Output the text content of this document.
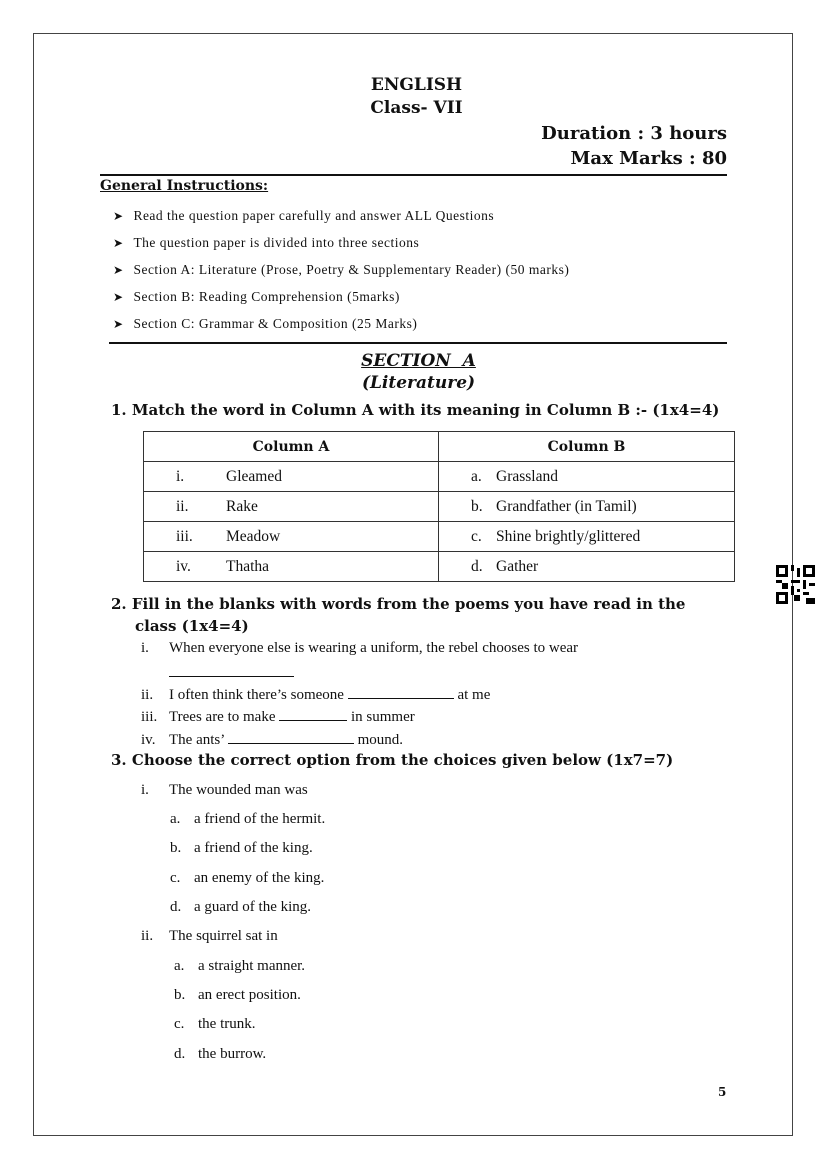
ENGLISH
Class- VII
Duration : 3 hours
Max Marks : 80
General Instructions:
➤ Read the question paper carefully and answer ALL Questions
➤ The question paper is divided into three sections
➤ Section A: Literature (Prose, Poetry & Supplementary Reader) (50 marks)
➤ Section B: Reading Comprehension (5marks)
➤ Section C: Grammar & Composition (25 Marks)
SECTION  A
(Literature)
1. Match the word in Column A with its meaning in Column B :- (1x4=4)
Column A	Column B
i. Gleamed	a. Grassland
ii. Rake	b. Grandfather (in Tamil)
iii. Meadow	c. Shine brightly/glittered
iv. Thatha	d. Gather
2. Fill in the blanks with words from the poems you have read in the
class (1x4=4)
i. When everyone else is wearing a uniform, the rebel chooses to wear
ii. I often think there’s someone	at me
iii. Trees are to make	in summer
iv. The ants’	mound.
3. Choose the correct option from the choices given below (1x7=7)
i. The wounded man was
a. a friend of the hermit.
b. a friend of the king.
c. an enemy of the king.
d. a guard of the king.
ii. The squirrel sat in
a. a straight manner.
b. an erect position.
c. the trunk.
d. the burrow.
5
